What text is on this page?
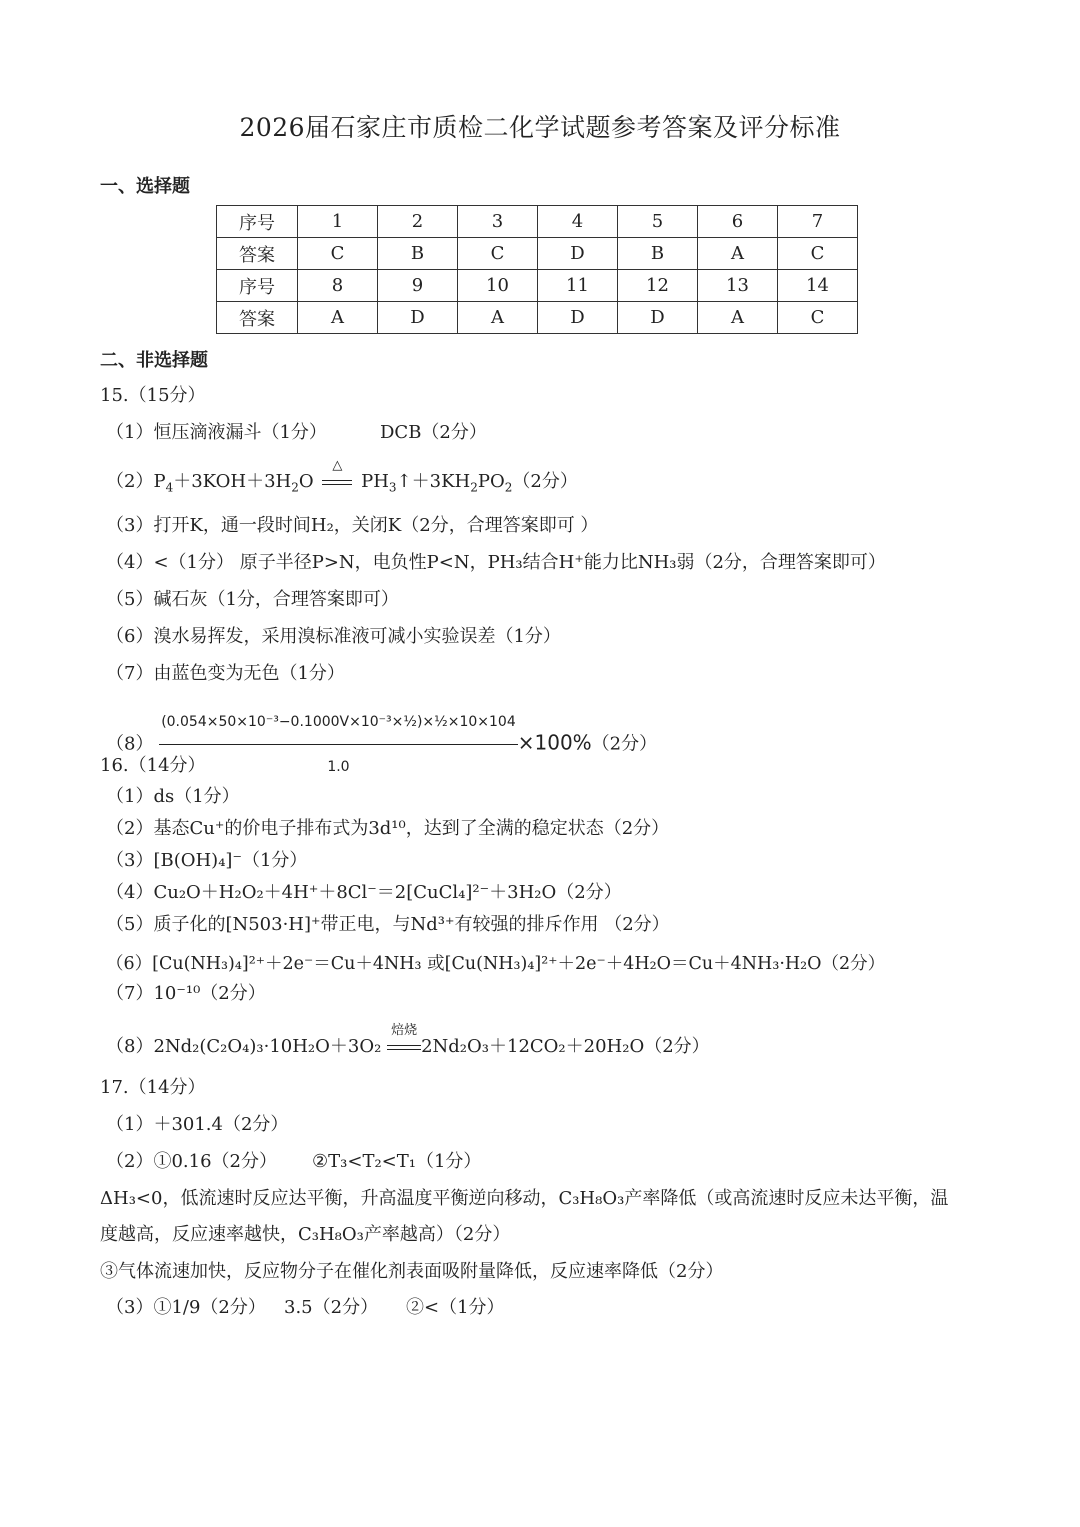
2026届石家庄市质检二化学试题参考答案及评分标准
一、选择题
序号	1	2	3	4	5	6	7
答案	C	B	C	D	B	A	C
序号	8	9	10	11	12	13	14
答案	A	D	A	D	D	A	C
二、非选择题
15.（15分）
（1）恒压滴液漏斗（1分）	DCB（2分）
$(2)P_4+3KOH+3H_2O$
△
$PH_3↑+3KH_2PO_2(2$分）
（3）打开K，通一段时间H₂，关闭K（2分，合理答案即可 ）
（4）<（1分） 原子半径P>N，电负性P<N，PH₃结合H⁺能力比NH₃弱（2分，合理答案即可）
（5）碱石灰（1分，合理答案即可）
（6）溴水易挥发，采用溴标准液可减小实验误差（1分）
（7）由蓝色变为无色（1分）
$(8) \frac{\text{(0.054×50×10⁻³−0.1000V×10⁻³×½)×½×10×104}}{1.0} \times 100\%(2$分）
16.（14分）
（1）ds（1分）
（2）基态Cu⁺的价电子排布式为3d¹⁰，达到了全满的稳定状态（2分）
（3）[B(OH)₄]⁻（1分）
（4）Cu₂O＋H₂O₂＋4H⁺＋8Cl⁻＝2[CuCl₄]²⁻＋3H₂O（2分）
（5）质子化的[N503·H]⁺带正电，与Nd³⁺有较强的排斥作用 （2分）
（6）[Cu(NH₃)₄]²⁺＋2e⁻＝Cu＋4NH₃ 或[Cu(NH₃)₄]²⁺＋2e⁻＋4H₂O＝Cu＋4NH₃·H₂O（2分）
（7）10⁻¹⁰（2分）
（8）2Nd₂(C₂O₄)₃·10H₂O＋3O₂
焙烧
2Nd₂O₃＋12CO₂＋20H₂O（2分）
17.（14分）
（1）＋301.4（2分）
（2）①0.16（2分） ②T₃<T₂<T₁（1分）
ΔH₃<0，低流速时反应达平衡，升高温度平衡逆向移动，C₃H₈O₃产率降低（或高流速时反应未达平衡，温
度越高，反应速率越快，C₃H₈O₃产率越高）（2分）
③气体流速加快，反应物分子在催化剂表面吸附量降低，反应速率降低（2分）
（3）①1/9（2分） 3.5（2分） ②<（1分）
